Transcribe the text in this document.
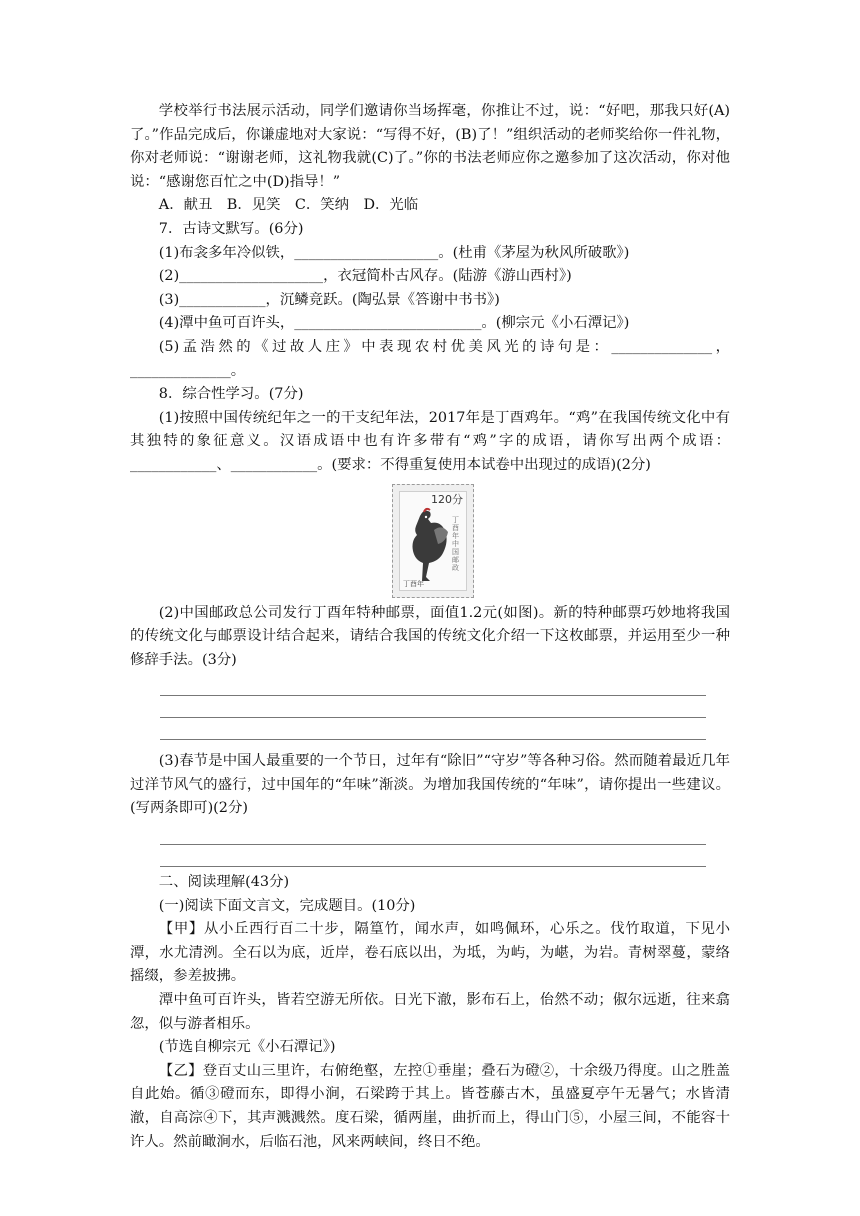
学校举行书法展示活动，同学们邀请你当场挥毫，你推让不过，说：“好吧，那我只好(A)了。”作品完成后，你谦虚地对大家说：“写得不好，(B)了！”组织活动的老师奖给你一件礼物，你对老师说：“谢谢老师，这礼物我就(C)了。”你的书法老师应你之邀参加了这次活动，你对他说：“感谢您百忙之中(D)指导！”

A．献丑　B．见笑　C．笑纳　D．光临

7．古诗文默写。(6分)

(1)布衾多年冷似铁，____________________。(杜甫《茅屋为秋风所破歌》)

(2)____________________，衣冠简朴古风存。(陆游《游山西村》)

(3)____________，沉鳞竞跃。(陶弘景《答谢中书书》)

(4)潭中鱼可百许头，__________________________。(柳宗元《小石潭记》)

(5)孟浩然的《过故人庄》中表现农村优美风光的诗句是：______________，______________。

8．综合性学习。(7分)

(1)按照中国传统纪年之一的干支纪年法，2017年是丁酉鸡年。“鸡”在我国传统文化中有其独特的象征意义。汉语成语中也有许多带有“鸡”字的成语，请你写出两个成语：____________、____________。(要求：不得重复使用本试卷中出现过的成语)(2分)

120分
丁酉年 中国邮政
丁酉年

(2)中国邮政总公司发行丁酉年特种邮票，面值1.2元(如图)。新的特种邮票巧妙地将我国的传统文化与邮票设计结合起来，请结合我国的传统文化介绍一下这枚邮票，并运用至少一种修辞手法。(3分)

(3)春节是中国人最重要的一个节日，过年有“除旧”“守岁”等各种习俗。然而随着最近几年过洋节风气的盛行，过中国年的“年味”渐淡。为增加我国传统的“年味”，请你提出一些建议。(写两条即可)(2分)

二、阅读理解(43分)

(一)阅读下面文言文，完成题目。(10分)

【甲】从小丘西行百二十步，隔篁竹，闻水声，如鸣佩环，心乐之。伐竹取道，下见小潭，水尤清洌。全石以为底，近岸，卷石底以出，为坻，为屿，为嵁，为岩。青树翠蔓，蒙络摇缀，参差披拂。

潭中鱼可百许头，皆若空游无所依。日光下澈，影布石上，佁然不动；俶尔远逝，往来翕忽，似与游者相乐。

(节选自柳宗元《小石潭记》)

【乙】登百丈山三里许，右俯绝壑，左控①垂崖；叠石为磴②，十余级乃得度。山之胜盖自此始。循③磴而东，即得小涧，石梁跨于其上。皆苍藤古木，虽盛夏亭午无暑气；水皆清澈，自高淙④下，其声溅溅然。度石梁，循两崖，曲折而上，得山门⑤，小屋三间，不能容十许人。然前瞰涧水，后临石池，风来两峡间，终日不绝。
